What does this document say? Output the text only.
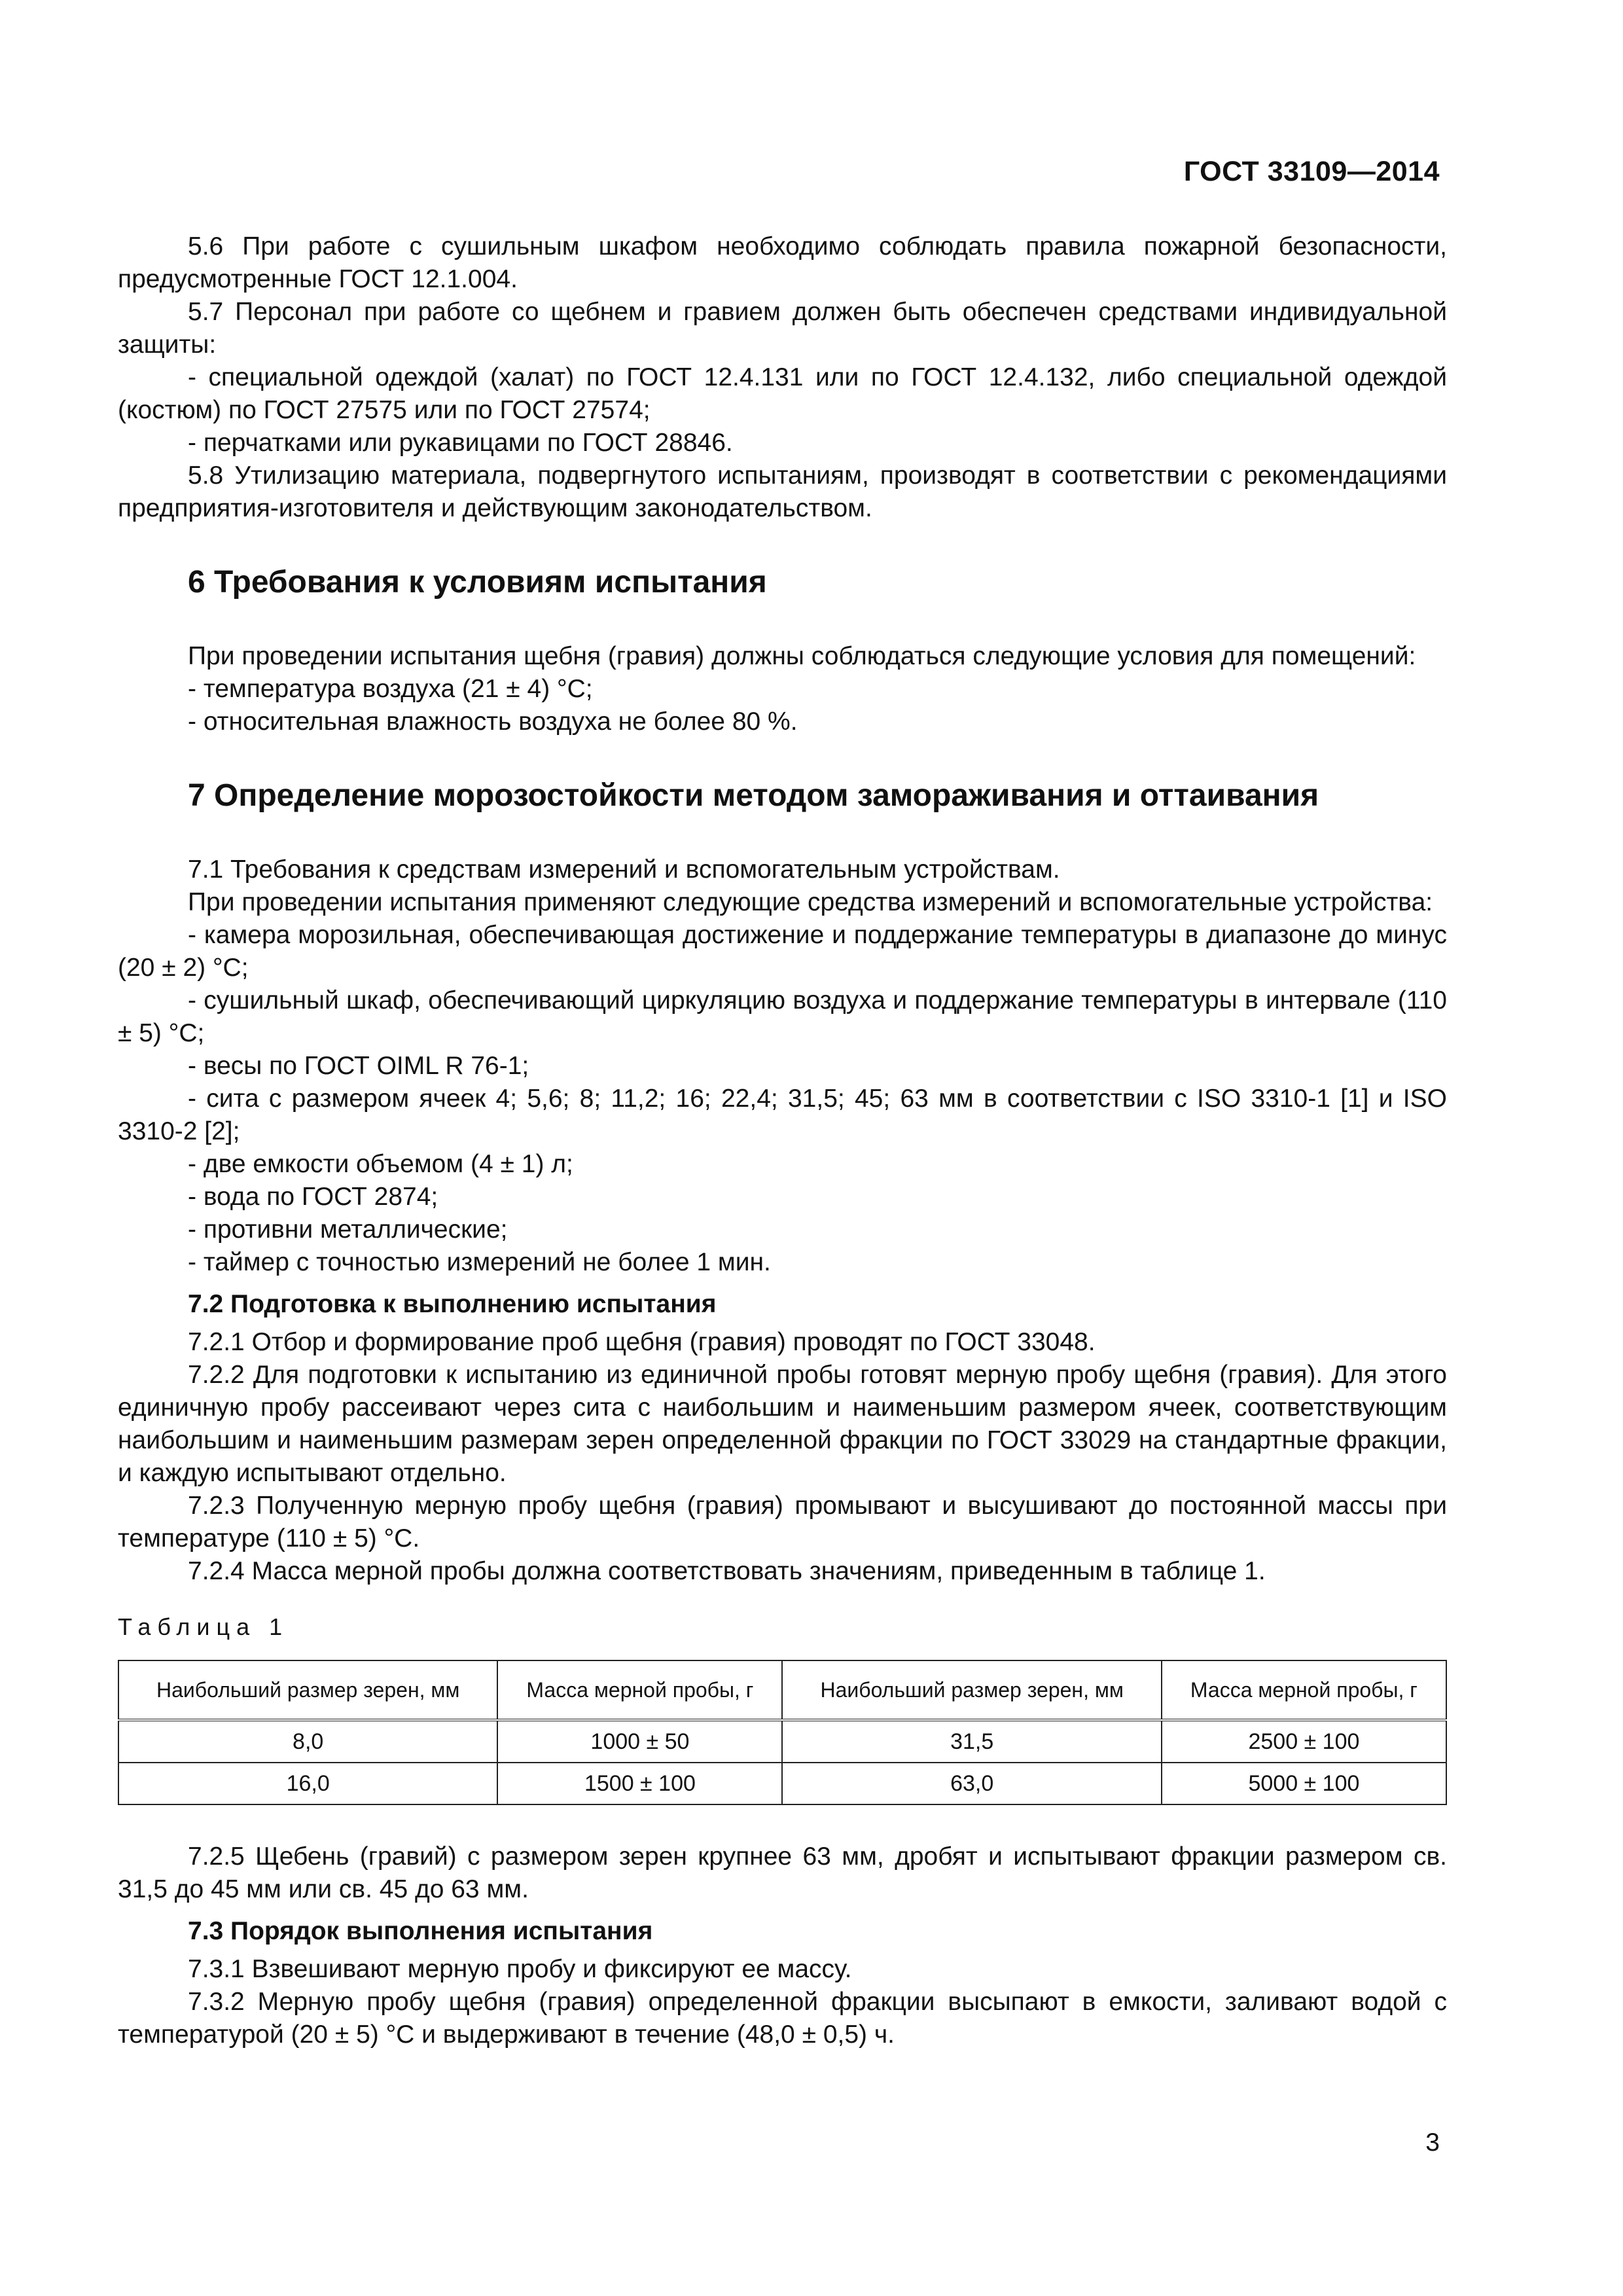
ГОСТ 33109—2014

5.6 При работе с сушильным шкафом необходимо соблюдать правила пожарной безопасности, предусмотренные ГОСТ 12.1.004.

5.7 Персонал при работе со щебнем и гравием должен быть обеспечен средствами индивидуальной защиты:

- специальной одеждой (халат) по ГОСТ 12.4.131 или по ГОСТ 12.4.132, либо специальной одеждой (костюм) по ГОСТ 27575 или по ГОСТ 27574;

- перчатками или рукавицами по ГОСТ 28846.

5.8 Утилизацию материала, подвергнутого испытаниям, производят в соответствии с рекомендациями предприятия-изготовителя и действующим законодательством.

6 Требования к условиям испытания

При проведении испытания щебня (гравия) должны соблюдаться следующие условия для помещений:

- температура воздуха (21 ± 4) °С;

- относительная влажность воздуха не более 80 %.

7 Определение морозостойкости методом замораживания и оттаивания

7.1 Требования к средствам измерений и вспомогательным устройствам.

При проведении испытания применяют следующие средства измерений и вспомогательные устройства:

- камера морозильная, обеспечивающая достижение и поддержание температуры в диапазоне до минус (20 ± 2) °С;

- сушильный шкаф, обеспечивающий циркуляцию воздуха и поддержание температуры в интервале (110 ± 5) °С;

- весы по ГОСТ OIML R 76-1;

- сита с размером ячеек 4; 5,6; 8; 11,2; 16; 22,4; 31,5; 45; 63 мм в соответствии с ISO 3310-1 [1] и ISO 3310-2 [2];

- две емкости объемом (4 ± 1) л;

- вода по ГОСТ 2874;

- противни металлические;

- таймер с точностью измерений не более 1 мин.

7.2 Подготовка к выполнению испытания

7.2.1 Отбор и формирование проб щебня (гравия) проводят по ГОСТ 33048.

7.2.2 Для подготовки к испытанию из единичной пробы готовят мерную пробу щебня (гравия). Для этого единичную пробу рассеивают через сита с наибольшим и наименьшим размером ячеек, соответствующим наибольшим и наименьшим размерам зерен определенной фракции по ГОСТ 33029 на стандартные фракции, и каждую испытывают отдельно.

7.2.3 Полученную мерную пробу щебня (гравия) промывают и высушивают до постоянной массы при температуре (110 ± 5) °С.

7.2.4 Масса мерной пробы должна соответствовать значениям, приведенным в таблице 1.

Таблица 1
Наибольший размер зерен, мм	Масса мерной пробы, г	Наибольший размер зерен, мм	Масса мерной пробы, г
8,0	1000 ± 50	31,5	2500 ± 100
16,0	1500 ± 100	63,0	5000 ± 100

7.2.5 Щебень (гравий) с размером зерен крупнее 63 мм, дробят и испытывают фракции размером св. 31,5 до 45 мм или св. 45 до 63 мм.

7.3 Порядок выполнения испытания

7.3.1 Взвешивают мерную пробу и фиксируют ее массу.

7.3.2 Мерную пробу щебня (гравия) определенной фракции высыпают в емкости, заливают водой с температурой (20 ± 5) °С и выдерживают в течение (48,0 ± 0,5) ч.

3
